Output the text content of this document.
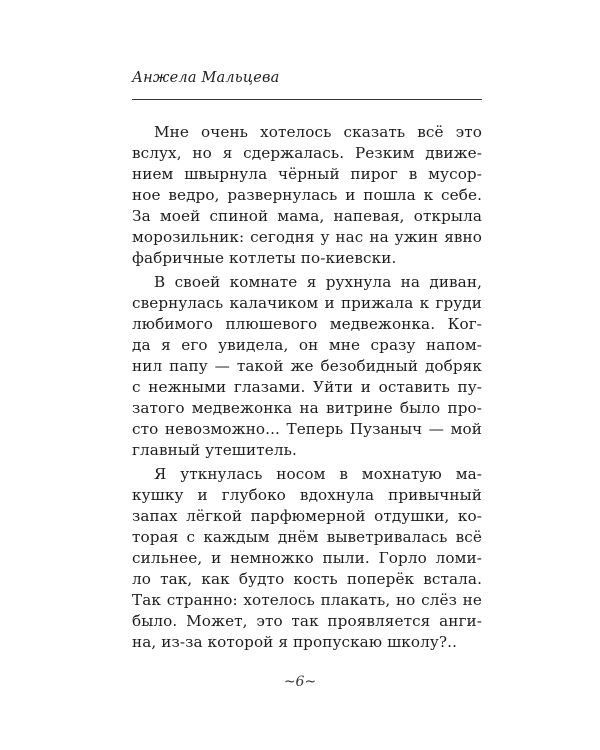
Анжела Мальцева
Мне очень хотелось сказать всё это
вслух, но я сдержалась. Резким движе-
нием швырнула чёрный пирог в мусор-
ное ведро, развернулась и пошла к себе.
За моей спиной мама, напевая, открыла
морозильник: сегодня у нас на ужин явно
фабричные котлеты по-киевски.
В своей комнате я рухнула на диван,
свернулась калачиком и прижала к груди
любимого плюшевого медвежонка. Ког-
да я его увидела, он мне сразу напом-
нил папу — такой же безобидный добряк
с нежными глазами. Уйти и оставить пу-
затого медвежонка на витрине было про-
сто невозможно... Теперь Пузаныч — мой
главный утешитель.
Я уткнулась носом в мохнатую ма-
кушку и глубоко вдохнула привычный
запах лёгкой парфюмерной отдушки, ко-
торая с каждым днём выветривалась всё
сильнее, и немножко пыли. Горло ломи-
ло так, как будто кость поперёк встала.
Так странно: хотелось плакать, но слёз не
было. Может, это так проявляется анги-
на, из-за которой я пропускаю школу?..
~6~
